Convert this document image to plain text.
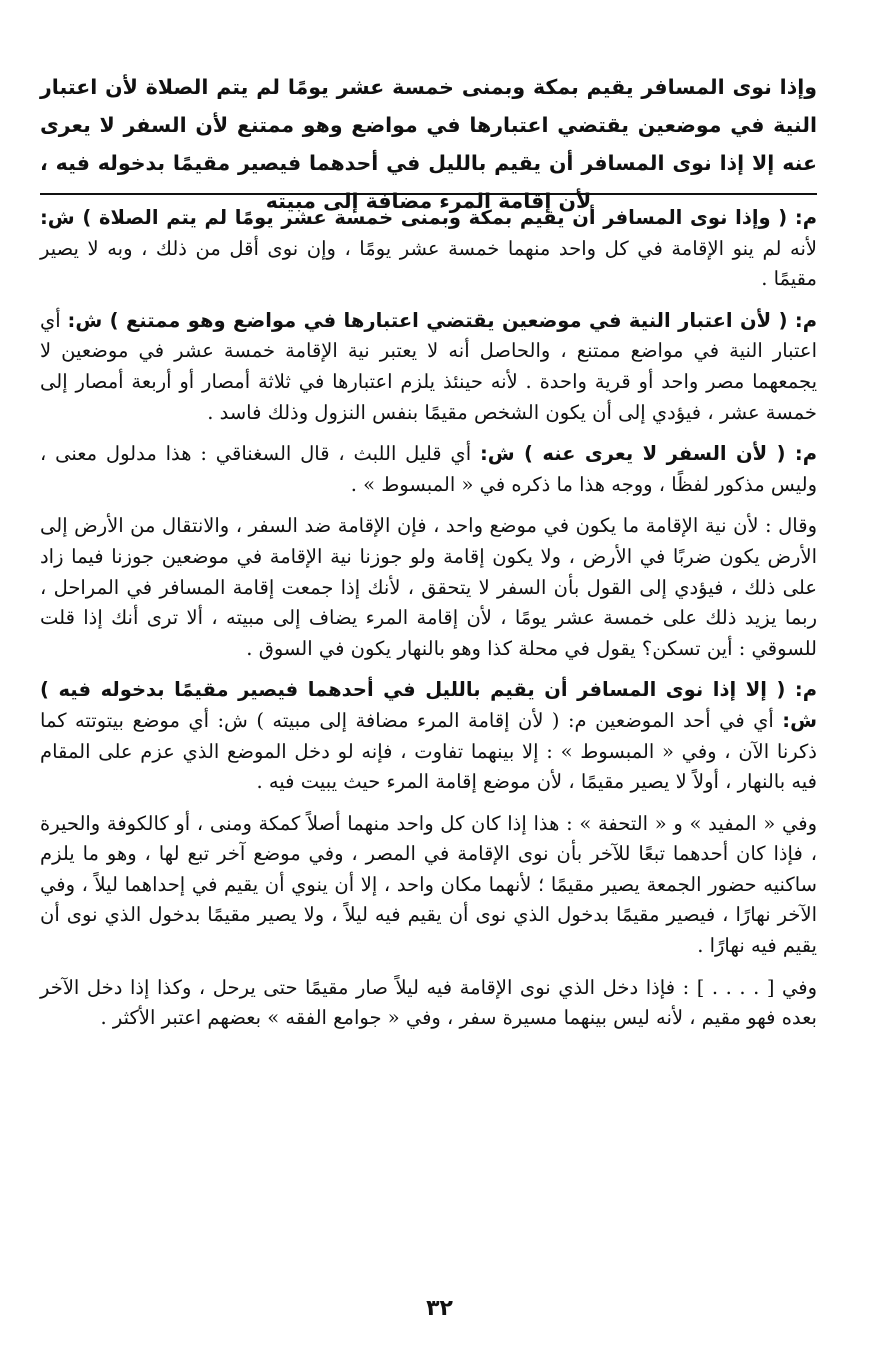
وإذا نوى المسافر يقيم بمكة وبمنى خمسة عشر يومًا لم يتم الصلاة لأن اعتبار النية في موضعين يقتضي اعتبارها في مواضع وهو ممتنع لأن السفر لا يعرى عنه إلا إذا نوى المسافر أن يقيم بالليل في أحدهما فيصير مقيمًا بدخوله فيه ، لأن إقامة المرء مضافة إلى مبيته

م: ( وإذا نوى المسافر أن يقيم بمكة وبمنى خمسة عشر يومًا لم يتم الصلاة ) ش: لأنه لم ينو الإقامة في كل واحد منهما خمسة عشر يومًا ، وإن نوى أقل من ذلك ، وبه لا يصير مقيمًا .

م: ( لأن اعتبار النية في موضعين يقتضي اعتبارها في مواضع وهو ممتنع ) ش: أي اعتبار النية في مواضع ممتنع ، والحاصل أنه لا يعتبر نية الإقامة خمسة عشر في موضعين لا يجمعهما مصر واحد أو قرية واحدة . لأنه حينئذ يلزم اعتبارها في ثلاثة أمصار أو أربعة أمصار إلى خمسة عشر ، فيؤدي إلى أن يكون الشخص مقيمًا بنفس النزول وذلك فاسد .

م: ( لأن السفر لا يعرى عنه ) ش: أي قليل اللبث ، قال السغناقي : هذا مدلول معنى ، وليس مذكور لفظًا ، ووجه هذا ما ذكره في « المبسوط » .

وقال : لأن نية الإقامة ما يكون في موضع واحد ، فإن الإقامة ضد السفر ، والانتقال من الأرض إلى الأرض يكون ضربًا في الأرض ، ولا يكون إقامة ولو جوزنا نية الإقامة في موضعين جوزنا فيما زاد على ذلك ، فيؤدي إلى القول بأن السفر لا يتحقق ، لأنك إذا جمعت إقامة المسافر في المراحل ، ربما يزيد ذلك على خمسة عشر يومًا ، لأن إقامة المرء يضاف إلى مبيته ، ألا ترى أنك إذا قلت للسوقي : أين تسكن؟ يقول في محلة كذا وهو بالنهار يكون في السوق .

م: ( إلا إذا نوى المسافر أن يقيم بالليل في أحدهما فيصير مقيمًا بدخوله فيه ) ش: أي في أحد الموضعين م: ( لأن إقامة المرء مضافة إلى مبيته ) ش: أي موضع بيتوتته كما ذكرنا الآن ، وفي « المبسوط » : إلا بينهما تفاوت ، فإنه لو دخل الموضع الذي عزم على المقام فيه بالنهار ، أولاً لا يصير مقيمًا ، لأن موضع إقامة المرء حيث يبيت فيه .

وفي « المفيد » و « التحفة » : هذا إذا كان كل واحد منهما أصلاً كمكة ومنى ، أو كالكوفة والحيرة ، فإذا كان أحدهما تبعًا للآخر بأن نوى الإقامة في المصر ، وفي موضع آخر تبع لها ، وهو ما يلزم ساكنيه حضور الجمعة يصير مقيمًا ؛ لأنهما مكان واحد ، إلا أن ينوي أن يقيم في إحداهما ليلاً ، وفي الآخر نهارًا ، فيصير مقيمًا بدخول الذي نوى أن يقيم فيه ليلاً ، ولا يصير مقيمًا بدخول الذي نوى أن يقيم فيه نهارًا .

وفي [ . . . . ] : فإذا دخل الذي نوى الإقامة فيه ليلاً صار مقيمًا حتى يرحل ، وكذا إذا دخل الآخر بعده فهو مقيم ، لأنه ليس بينهما مسيرة سفر ، وفي « جوامع الفقه » بعضهم اعتبر الأكثر .

٣٢
